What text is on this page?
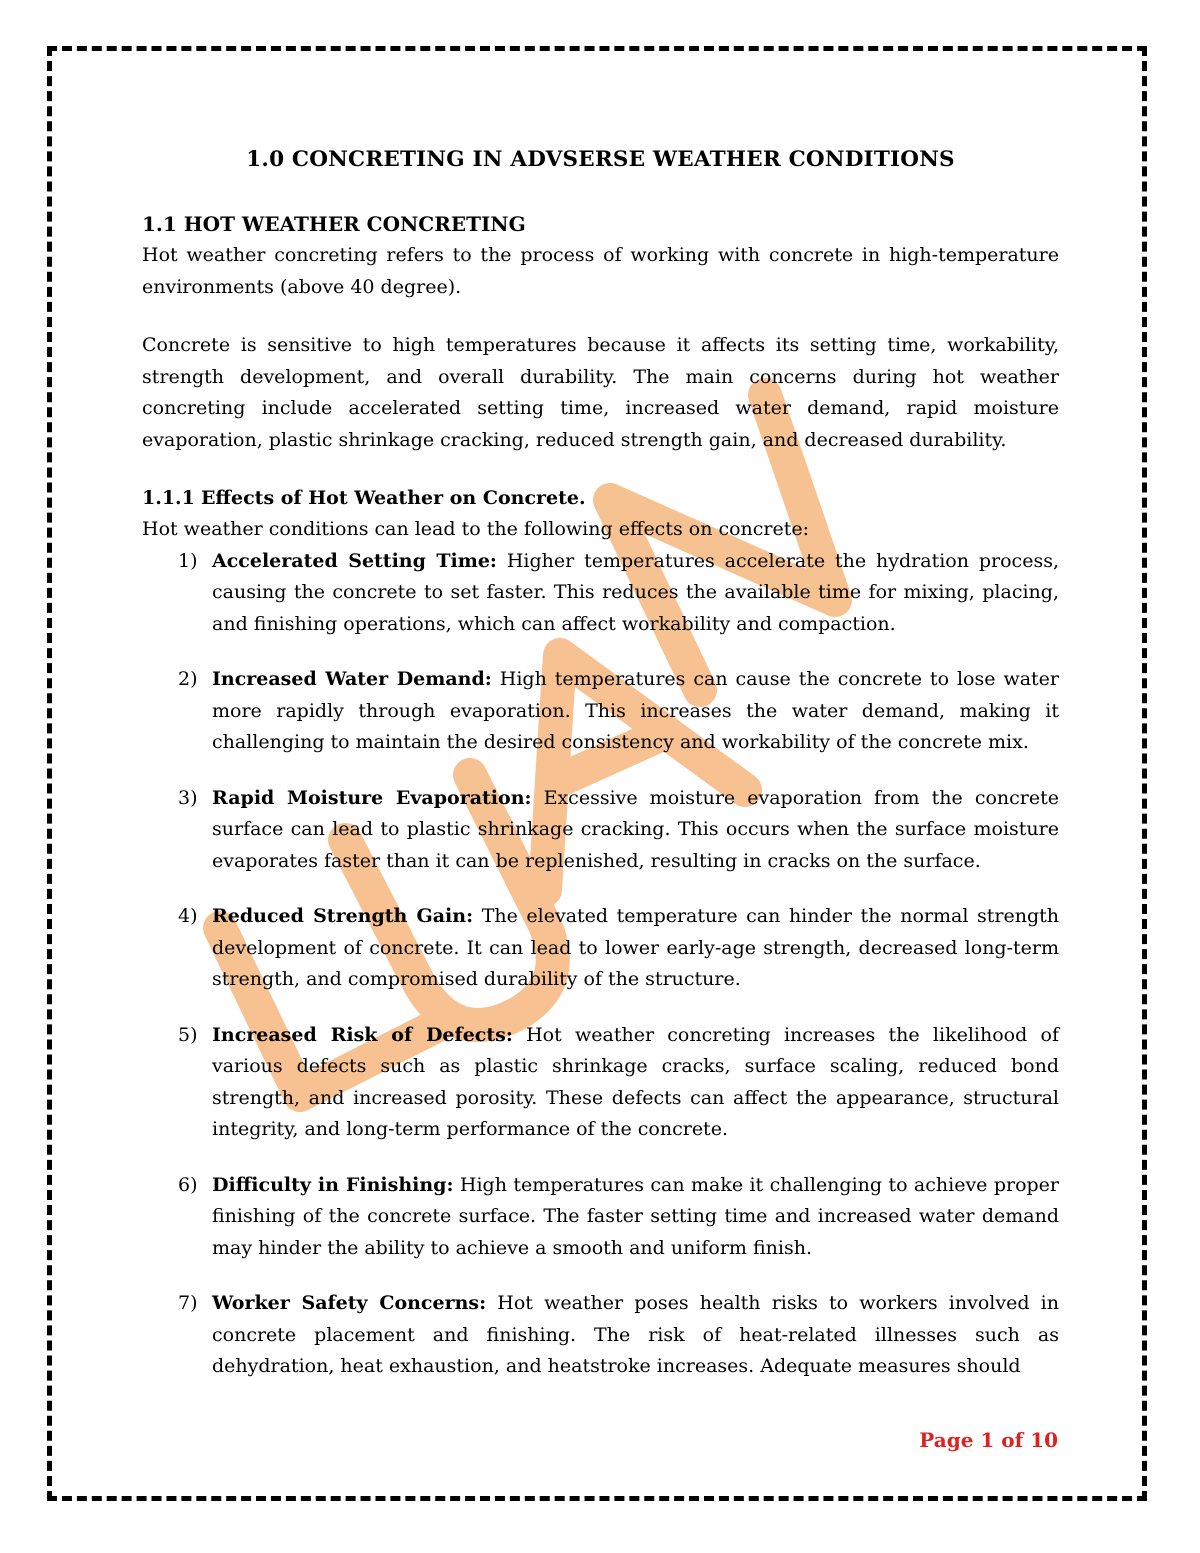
1.0 CONCRETING IN ADVSERSE WEATHER CONDITIONS
1.1 HOT WEATHER CONCRETING

Hot weather concreting refers to the process of working with concrete in high-temperature environments (above 40 degree).

Concrete is sensitive to high temperatures because it affects its setting time, workability, strength development, and overall durability. The main concerns during hot weather concreting include accelerated setting time, increased water demand, rapid moisture evaporation, plastic shrinkage cracking, reduced strength gain, and decreased durability.

1.1.1 Effects of Hot Weather on Concrete.

Hot weather conditions can lead to the following effects on concrete:

1) Accelerated Setting Time: Higher temperatures accelerate the hydration process, causing the concrete to set faster. This reduces the available time for mixing, placing, and finishing operations, which can affect workability and compaction.
2) Increased Water Demand: High temperatures can cause the concrete to lose water more rapidly through evaporation. This increases the water demand, making it challenging to maintain the desired consistency and workability of the concrete mix.
3) Rapid Moisture Evaporation: Excessive moisture evaporation from the concrete surface can lead to plastic shrinkage cracking. This occurs when the surface moisture evaporates faster than it can be replenished, resulting in cracks on the surface.
4) Reduced Strength Gain: The elevated temperature can hinder the normal strength development of concrete. It can lead to lower early-age strength, decreased long-term strength, and compromised durability of the structure.
5) Increased Risk of Defects: Hot weather concreting increases the likelihood of various defects such as plastic shrinkage cracks, surface scaling, reduced bond strength, and increased porosity. These defects can affect the appearance, structural integrity, and long-term performance of the concrete.
6) Difficulty in Finishing: High temperatures can make it challenging to achieve proper finishing of the concrete surface. The faster setting time and increased water demand may hinder the ability to achieve a smooth and uniform finish.
7) Worker Safety Concerns: Hot weather poses health risks to workers involved in concrete placement and finishing. The risk of heat-related illnesses such as dehydration, heat exhaustion, and heatstroke increases. Adequate measures should
Page 1 of 10
